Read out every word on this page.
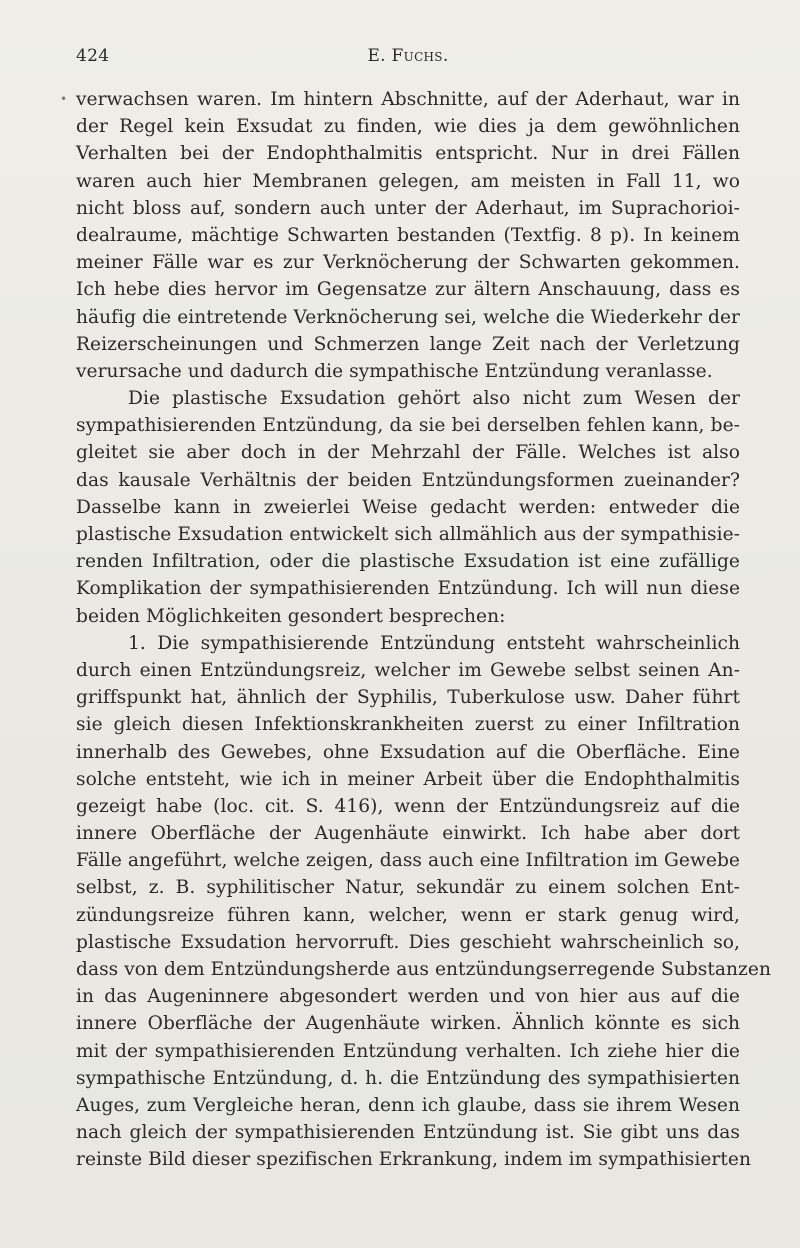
424	E. Fuchs.
• verwachsen waren. Im hintern Abschnitte, auf der Aderhaut, war in
der Regel kein Exsudat zu finden, wie dies ja dem gewöhnlichen
Verhalten bei der Endophthalmitis entspricht. Nur in drei Fällen
waren auch hier Membranen gelegen, am meisten in Fall 11, wo
nicht bloss auf, sondern auch unter der Aderhaut, im Suprachorioi-
dealraume, mächtige Schwarten bestanden (Textfig. 8 p). In keinem
meiner Fälle war es zur Verknöcherung der Schwarten gekommen.
Ich hebe dies hervor im Gegensatze zur ältern Anschauung, dass es
häufig die eintretende Verknöcherung sei, welche die Wiederkehr der
Reizerscheinungen und Schmerzen lange Zeit nach der Verletzung
verursache und dadurch die sympathische Entzündung veranlasse.
Die plastische Exsudation gehört also nicht zum Wesen der
sympathisierenden Entzündung, da sie bei derselben fehlen kann, be-
gleitet sie aber doch in der Mehrzahl der Fälle. Welches ist also
das kausale Verhältnis der beiden Entzündungsformen zueinander?
Dasselbe kann in zweierlei Weise gedacht werden: entweder die
plastische Exsudation entwickelt sich allmählich aus der sympathisie-
renden Infiltration, oder die plastische Exsudation ist eine zufällige
Komplikation der sympathisierenden Entzündung. Ich will nun diese
beiden Möglichkeiten gesondert besprechen:
1. Die sympathisierende Entzündung entsteht wahrscheinlich
durch einen Entzündungsreiz, welcher im Gewebe selbst seinen An-
griffspunkt hat, ähnlich der Syphilis, Tuberkulose usw. Daher führt
sie gleich diesen Infektionskrankheiten zuerst zu einer Infiltration
innerhalb des Gewebes, ohne Exsudation auf die Oberfläche. Eine
solche entsteht, wie ich in meiner Arbeit über die Endophthalmitis
gezeigt habe (loc. cit. S. 416), wenn der Entzündungsreiz auf die
innere Oberfläche der Augenhäute einwirkt. Ich habe aber dort
Fälle angeführt, welche zeigen, dass auch eine Infiltration im Gewebe
selbst, z. B. syphilitischer Natur, sekundär zu einem solchen Ent-
zündungsreize führen kann, welcher, wenn er stark genug wird,
plastische Exsudation hervorruft. Dies geschieht wahrscheinlich so,
dass von dem Entzündungsherde aus entzündungserregende Substanzen
in das Augeninnere abgesondert werden und von hier aus auf die
innere Oberfläche der Augenhäute wirken. Ähnlich könnte es sich
mit der sympathisierenden Entzündung verhalten. Ich ziehe hier die
sympathische Entzündung, d. h. die Entzündung des sympathisierten
Auges, zum Vergleiche heran, denn ich glaube, dass sie ihrem Wesen
nach gleich der sympathisierenden Entzündung ist. Sie gibt uns das
reinste Bild dieser spezifischen Erkrankung, indem im sympathisierten
